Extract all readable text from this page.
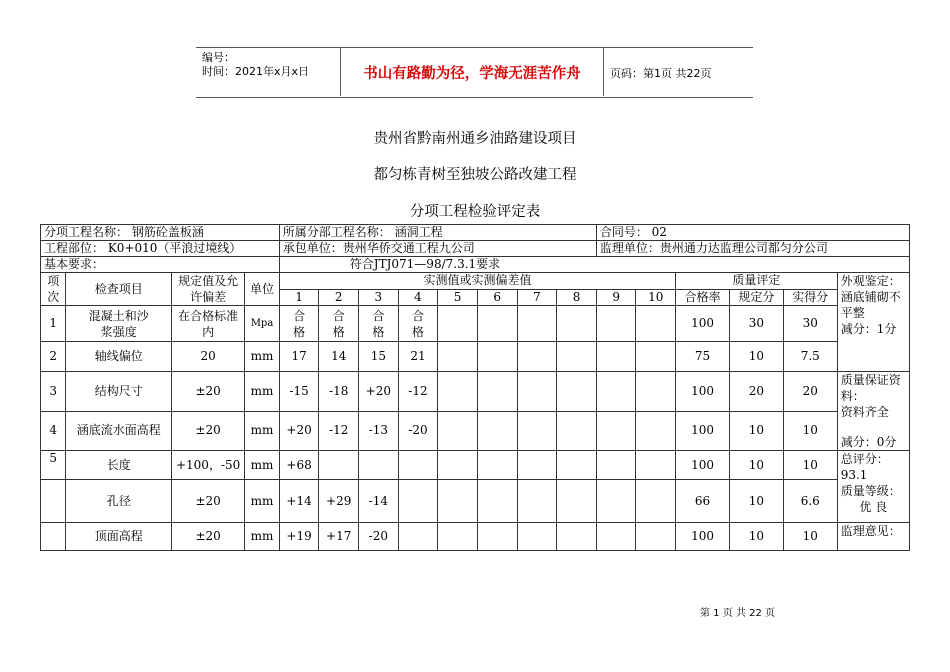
编号：
时间：2021年x月x日	书山有路勤为径，学海无涯苦作舟	页码：第1页 共22页
贵州省黔南州通乡油路建设项目
都匀栋青树至独坡公路改建工程
分项工程检验评定表
分项工程名称： 钢筋砼盖板涵				所属分部工程名称： 涵洞工程								合同号： 02					
工程部位： K0+010（平浪过境线）				承包单位：贵州华侨交通工程九公司								监理单位：贵州通力达监理公司都匀分公司					
基本要求：				符合JTJ071—98/7.3.1要求													
项次	检查项目	规定值及允许偏差	单位	实测值或实测偏差值										质量评定			外观鉴定：
涵底铺砌不平整
减分：1分

				1	2	3	4	5	6	7	8	9	10	合格率	规定分	实得分	
1	混凝土和沙浆强度	在合格标准内	Mpa	合格	合格	合格	合格							100	30	30	
2	轴线偏位	20	mm	17	14	15	21							75	10	7.5	
3	结构尺寸	±20	mm	-15	-18	+20	-12							100	20	20	质量保证资料：
资料齐全
减分：0分

4	涵底流水面高程	±20	mm	+20	-12	-13	-20							100	10	10	
5	长度	+100，-50	mm	+68										100	10	10	总评分：93.1
质量等级：
优 良

	孔径	±20	mm	+14	+29	-14								66	10	6.6	
	顶面高程	±20	mm	+19	+17	-20								100	10	10	监理意见：
第 1 页 共 22 页
